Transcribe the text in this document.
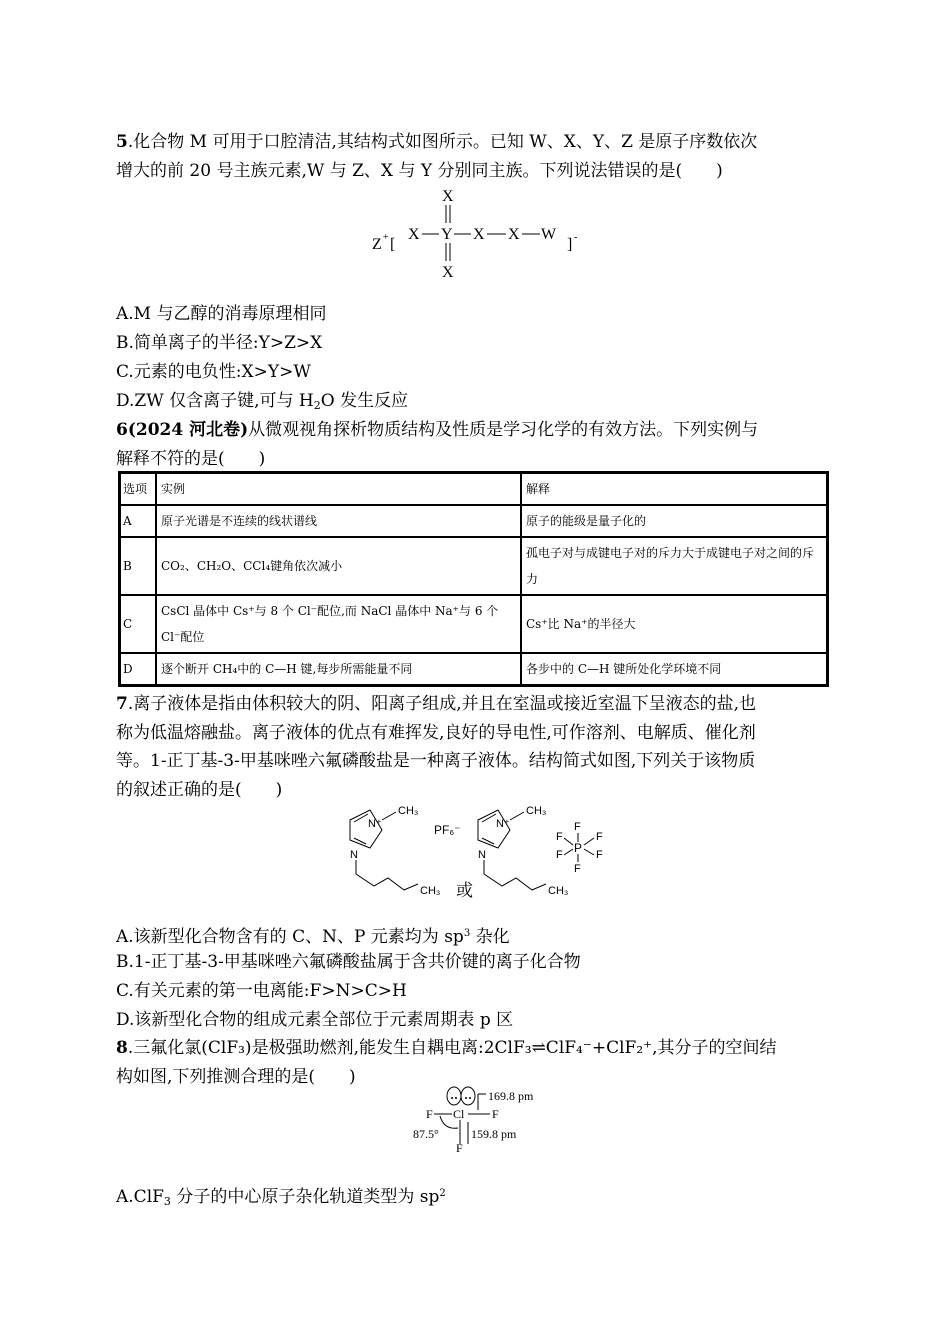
5.化合物 M 可用于口腔清洁,其结构式如图所示。已知 W、X、Y、Z 是原子序数依次
增大的前 20 号主族元素,W 与 Z、X 与 Y 分别同主族。下列说法错误的是(　　)
Z + [
X
X Y X X W
X
] -
A.M 与乙醇的消毒原理相同
B.简单离子的半径:Y>Z>X
C.元素的电负性:X>Y>W
D.ZW 仅含离子键,可与 $H_2O$ 发生反应
6(2024 河北卷)从微观视角探析物质结构及性质是学习化学的有效方法。下列实例与
解释不符的是(　　)
选项	实例	解释
A	原子光谱是不连续的线状谱线	原子的能级是量子化的
B	CO₂、CH₂O、CCl₄键角依次减小	孤电子对与成键电子对的斥力大于成键电子对之间的斥力
C	CsCl 晶体中 Cs⁺与 8 个 Cl⁻配位,而 NaCl 晶体中 Na⁺与 6 个 Cl⁻配位	Cs⁺比 Na⁺的半径大
D	逐个断开 CH₄中的 C—H 键,每步所需能量不同	各步中的 C—H 键所处化学环境不同
7.离子液体是指由体积较大的阴、阳离子组成,并且在室温或接近室温下呈液态的盐,也
称为低温熔融盐。离子液体的优点有难挥发,良好的导电性,可作溶剂、电解质、催化剂
等。1-正丁基-3-甲基咪唑六氟磷酸盐是一种离子液体。结构简式如图,下列关于该物质
的叙述正确的是(　　)
N⁺
CH₃
N
CH₃
PF₆⁻	N⁺
CH₃
N
CH₃
或
P
F
F
F	F
F	F
A.该新型化合物含有的 C、N、P 元素均为 $sp^3$ 杂化
B.1-正丁基-3-甲基咪唑六氟磷酸盐属于含共价键的离子化合物
C.有关元素的第一电离能:F>N>C>H
D.该新型化合物的组成元素全部位于元素周期表 p 区
8.三氟化氯(ClF₃)是极强助燃剂,能发生自耦电离:2ClF₃⇌ClF₄⁻+ClF₂⁺,其分子的空间结
构如图,下列推测合理的是(　　)
Cl
F	F
169.8 pm
F
159.8 pm
87.5°
A.ClF$_3$ 分子的中心原子杂化轨道类型为 $sp^2$
